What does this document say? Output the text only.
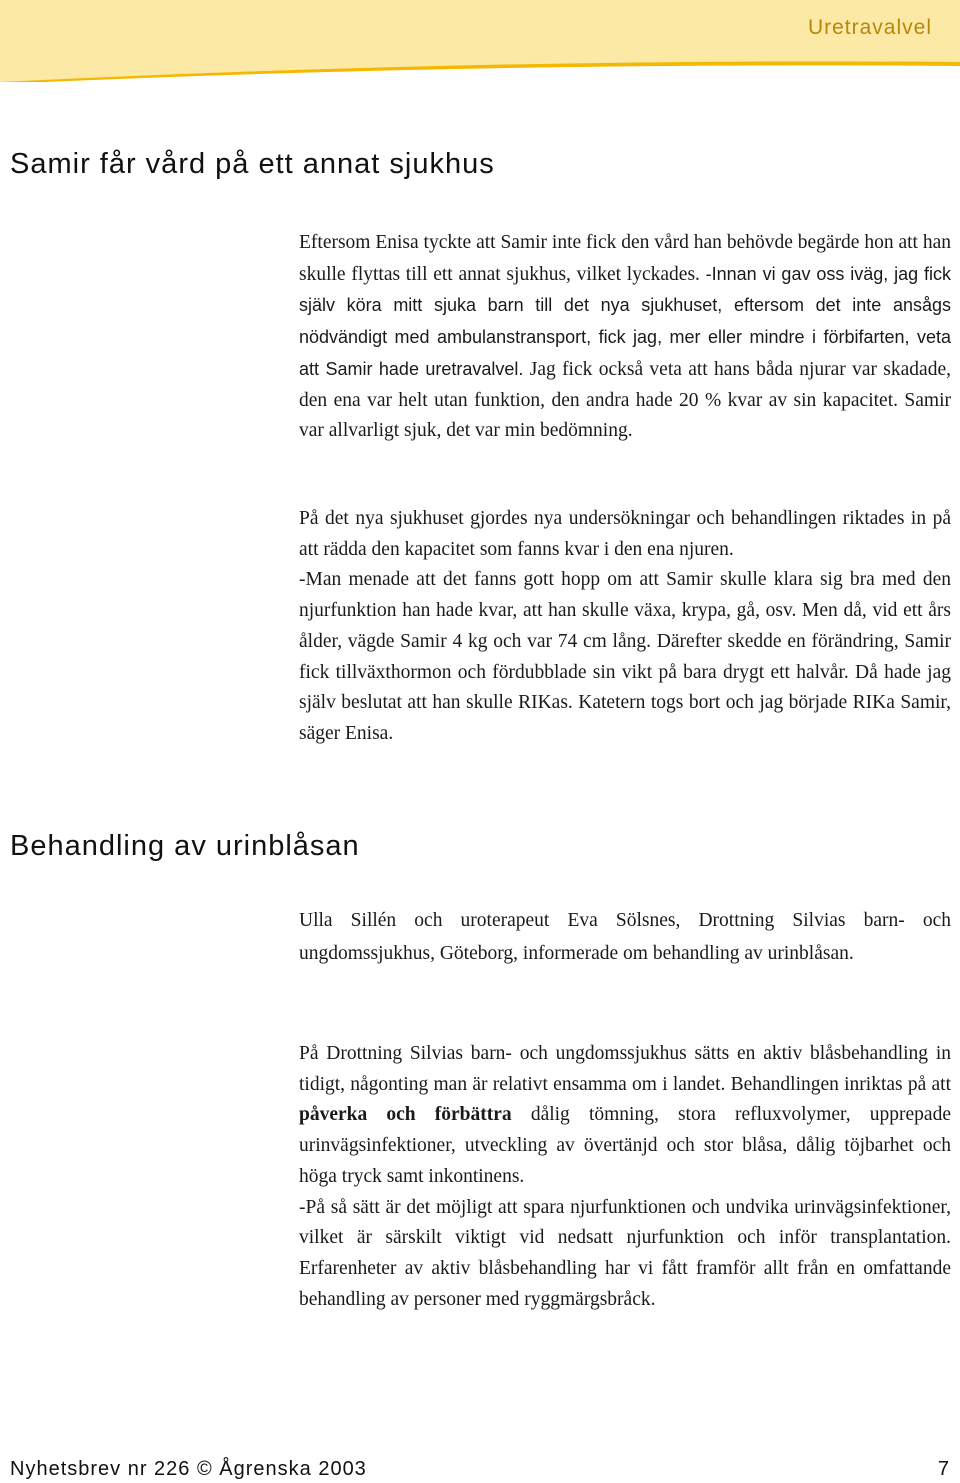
Uretravalvel
Samir får vård på ett annat sjukhus

Eftersom Enisa tyckte att Samir inte fick den vård han behövde begärde hon att han skulle flyttas till ett annat sjukhus, vilket lyckades. -Innan vi gav oss iväg, jag fick själv köra mitt sjuka barn till det nya sjukhuset, eftersom det inte ansågs nödvändigt med ambulanstransport, fick jag, mer eller mindre i förbifarten, veta att Samir hade uretravalvel. Jag fick också veta att hans båda njurar var skadade, den ena var helt utan funktion, den andra hade 20 % kvar av sin kapacitet. Samir var allvarligt sjuk, det var min bedömning.

På det nya sjukhuset gjordes nya undersökningar och behandlingen riktades in på att rädda den kapacitet som fanns kvar i den ena njuren.
-Man menade att det fanns gott hopp om att Samir skulle klara sig bra med den njurfunktion han hade kvar, att han skulle växa, krypa, gå, osv. Men då, vid ett års ålder, vägde Samir 4 kg och var 74 cm lång. Därefter skedde en förändring, Samir fick tillväxthormon och fördubblade sin vikt på bara drygt ett halvår. Då hade jag själv beslutat att han skulle RIKas. Katetern togs bort och jag började RIKa Samir, säger Enisa.

Behandling av urinblåsan

Ulla Sillén och uroterapeut Eva Sölsnes, Drottning Silvias barn- och ungdomssjukhus, Göteborg, informerade om behandling av urinblåsan.

På Drottning Silvias barn- och ungdomssjukhus sätts en aktiv blåsbehandling in tidigt, någonting man är relativt ensamma om i landet. Behandlingen inriktas på att påverka och förbättra dålig tömning, stora refluxvolymer, upprepade urinvägsinfektioner, utveckling av övertänjd och stor blåsa, dålig töjbarhet och höga tryck samt inkontinens.
-På så sätt är det möjligt att spara njurfunktionen och undvika urinvägsinfektioner, vilket är särskilt viktigt vid nedsatt njurfunktion och inför transplantation. Erfarenheter av aktiv blåsbehandling har vi fått framför allt från en omfattande behandling av personer med ryggmärgsbråck.

Nyhetsbrev nr 226 © Ågrenska 2003	7
